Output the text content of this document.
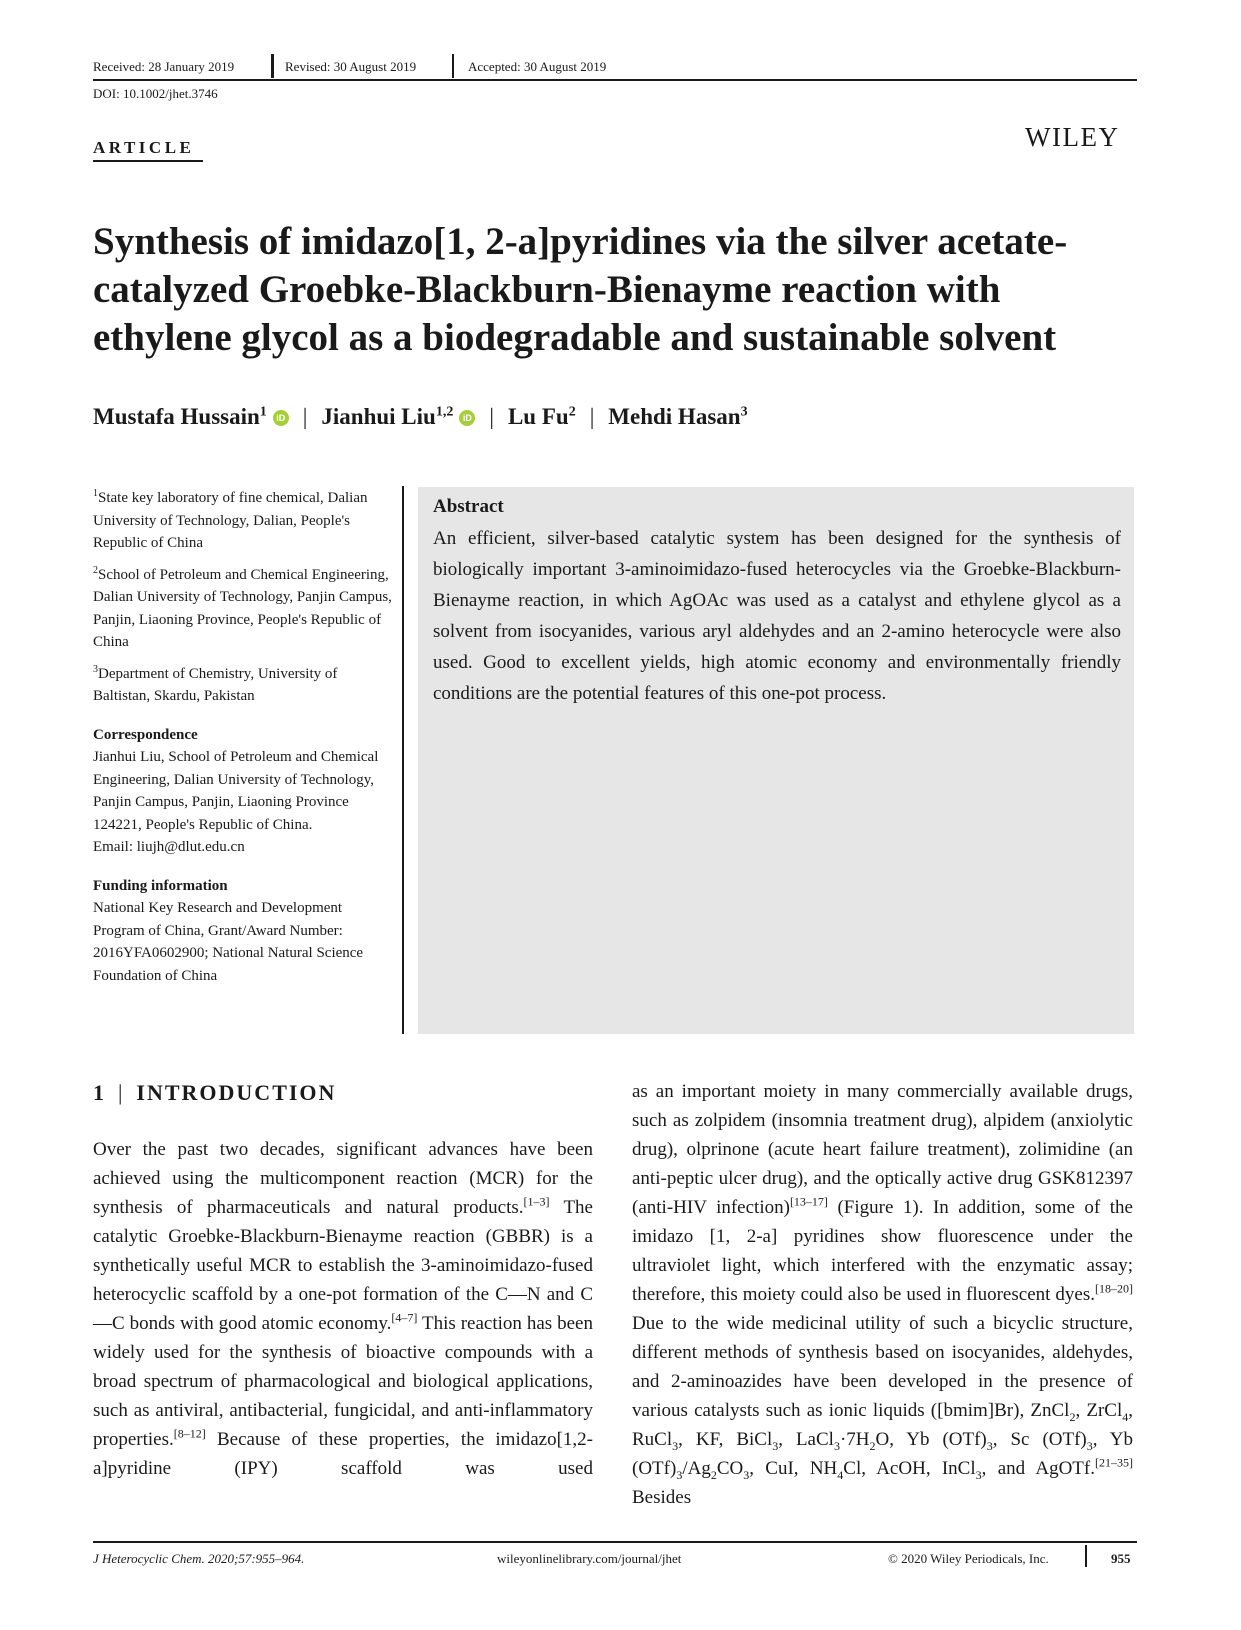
Received: 28 January 2019	Revised: 30 August 2019	Accepted: 30 August 2019
DOI: 10.1002/jhet.3746
ARTICLE	WILEY
Synthesis of imidazo[1, 2-a]pyridines via the silver acetate-
catalyzed Groebke-Blackburn-Bienayme reaction with
ethylene glycol as a biodegradable and sustainable solvent
Mustafa Hussain$^1$ iD | Jianhui Liu$^{1,2}$ iD | Lu Fu$^2$ | Mehdi Hasan$^3$

$^1$State key laboratory of fine chemical, Dalian University of Technology, Dalian, People's Republic of China

$^2$School of Petroleum and Chemical Engineering, Dalian University of Technology, Panjin Campus, Panjin, Liaoning Province, People's Republic of China

$^3$Department of Chemistry, University of Baltistan, Skardu, Pakistan

Correspondence
Jianhui Liu, School of Petroleum and Chemical Engineering, Dalian University of Technology, Panjin Campus, Panjin, Liaoning Province 124221, People's Republic of China.
Email: liujh@dlut.edu.cn
Funding information
National Key Research and Development Program of China, Grant/Award Number: 2016YFA0602900; National Natural Science Foundation of China
Abstract
An efficient, silver-based catalytic system has been designed for the synthesis of biologically important 3-aminoimidazo-fused heterocycles via the Groebke-Blackburn-Bienayme reaction, in which AgOAc was used as a catalyst and ethylene glycol as a solvent from isocyanides, various aryl aldehydes and an 2-amino heterocycle were also used. Good to excellent yields, high atomic economy and environmentally friendly conditions are the potential features of this one-pot process.
1 | INTRODUCTION
Over the past two decades, significant advances have been achieved using the multicomponent reaction (MCR) for the synthesis of pharmaceuticals and natural products.[1–3] The catalytic Groebke-Blackburn-Bienayme reaction (GBBR) is a synthetically useful MCR to establish the 3-aminoimidazo-fused heterocyclic scaffold by a one-pot formation of the C—N and C—C bonds with good atomic economy.[4–7] This reaction has been widely used for the synthesis of bioactive compounds with a broad spectrum of pharmacological and biological applications, such as antiviral, antibacterial, fungicidal, and anti-inflammatory properties.[8–12] Because of these properties, the imidazo[1,2-a]pyridine (IPY) scaffold was used
as an important moiety in many commercially available drugs, such as zolpidem (insomnia treatment drug), alpidem (anxiolytic drug), olprinone (acute heart failure treatment), zolimidine (an anti-peptic ulcer drug), and the optically active drug GSK812397 (anti-HIV infection)[13–17] (Figure 1). In addition, some of the imidazo [1, 2-a] pyridines show fluorescence under the ultraviolet light, which interfered with the enzymatic assay; therefore, this moiety could also be used in fluorescent dyes.[18–20] Due to the wide medicinal utility of such a bicyclic structure, different methods of synthesis based on isocyanides, aldehydes, and 2-aminoazides have been developed in the presence of various catalysts such as ionic liquids ([bmim]Br), ZnCl$_2$, ZrCl$_4$, RuCl$_3$, KF, BiCl$_3$, $LaCl_3\cdot 7H_2O$, Yb $(OTf)_3$, Sc $(OTf)_3$, Yb $(OTf)_3/Ag_2CO_3$, CuI, $NH_4Cl$, AcOH, InCl$_3$, and AgOTf.[21–35] Besides
J Heterocyclic Chem. 2020;57:955–964.	wileyonlinelibrary.com/journal/jhet	© 2020 Wiley Periodicals, Inc.	955
